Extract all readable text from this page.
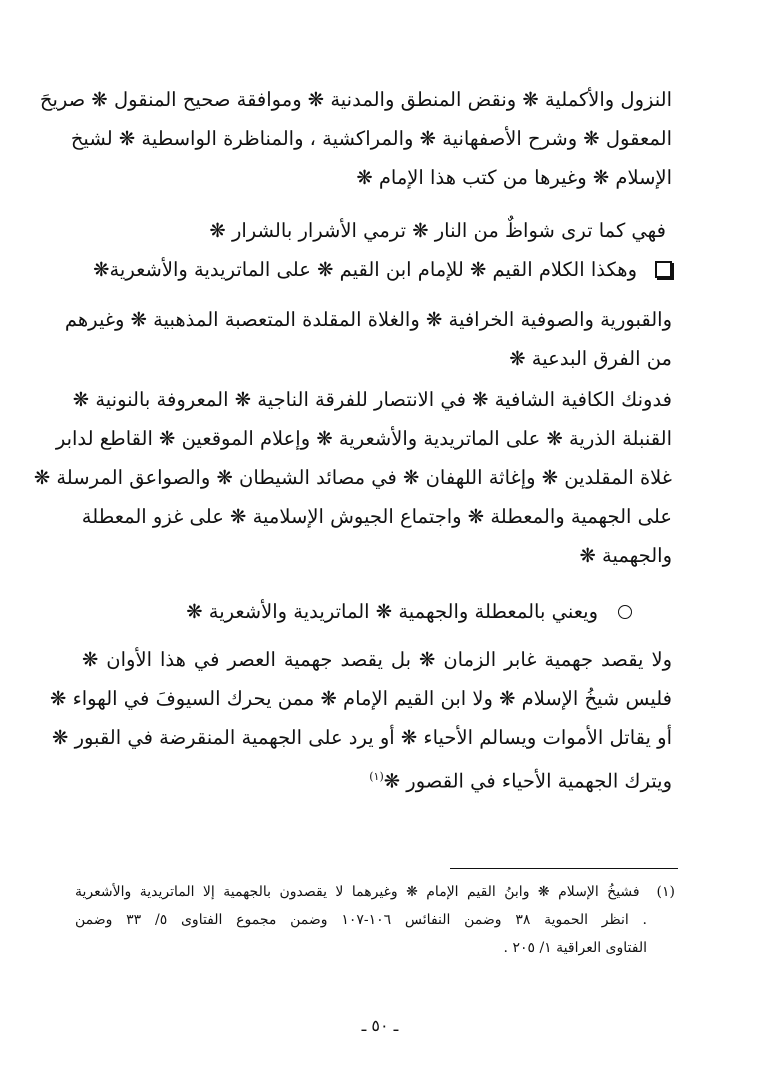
النزول والأكملية ❋ ونقض المنطق والمدنية ❋ وموافقة صحيح المنقول ❋ صريحَ
المعقول ❋ وشرح الأصفهانية ❋ والمراكشية ، والمناظرة الواسطية ❋ لشيخ
الإسلام ❋ وغيرها من كتب هذا الإمام ❋
فهي كما ترى شواظٌ من النار ❋ ترمي الأشرار بالشرار ❋
وهكذا الكلام القيم ❋ للإمام ابن القيم ❋ على الماتريدية والأشعرية❋
والقبورية والصوفية الخرافية ❋ والغلاة المقلدة المتعصبة المذهبية ❋ وغيرهم
من الفرق البدعية ❋
فدونك الكافية الشافية ❋ في الانتصار للفرقة الناجية ❋ المعروفة بالنونية ❋
القنبلة الذرية ❋ على الماتريدية والأشعرية ❋ وإعلام الموقعين ❋ القاطع لدابر
غلاة المقلدين ❋ وإغاثة اللهفان ❋ في مصائد الشيطان ❋ والصواعق المرسلة ❋
على الجهمية والمعطلة ❋ واجتماع الجيوش الإسلامية ❋ على غزو المعطلة
والجهمية ❋
ويعني بالمعطلة والجهمية ❋ الماتريدية والأشعرية ❋
ولا يقصد جهمية غابر الزمان ❋ بل يقصد جهمية العصر في هذا الأوان ❋
فليس شيخُ الإسلام ❋ ولا ابن القيم الإمام ❋ ممن يحرك السيوفَ في الهواء ❋
أو يقاتل الأموات ويسالم الأحياء ❋ أو يرد على الجهمية المنقرضة في القبور ❋
ويترك الجهمية الأحياء في القصور ❋$^{(١)}$
(١)  فشيخُ الإسلام ❋ وابنُ القيم الإمام ❋ وغيرهما لا يقصدون بالجهمية إلا الماتريدية والأشعرية
. انظر الحموية ٣٨ وضمن النفائس ١٠٦-١٠٧ وضمن مجموع الفتاوى ٥/ ٣٣ وضمن
الفتاوى العراقية ١/ ٢٠٥ .
ـ ٥٠ ـ
